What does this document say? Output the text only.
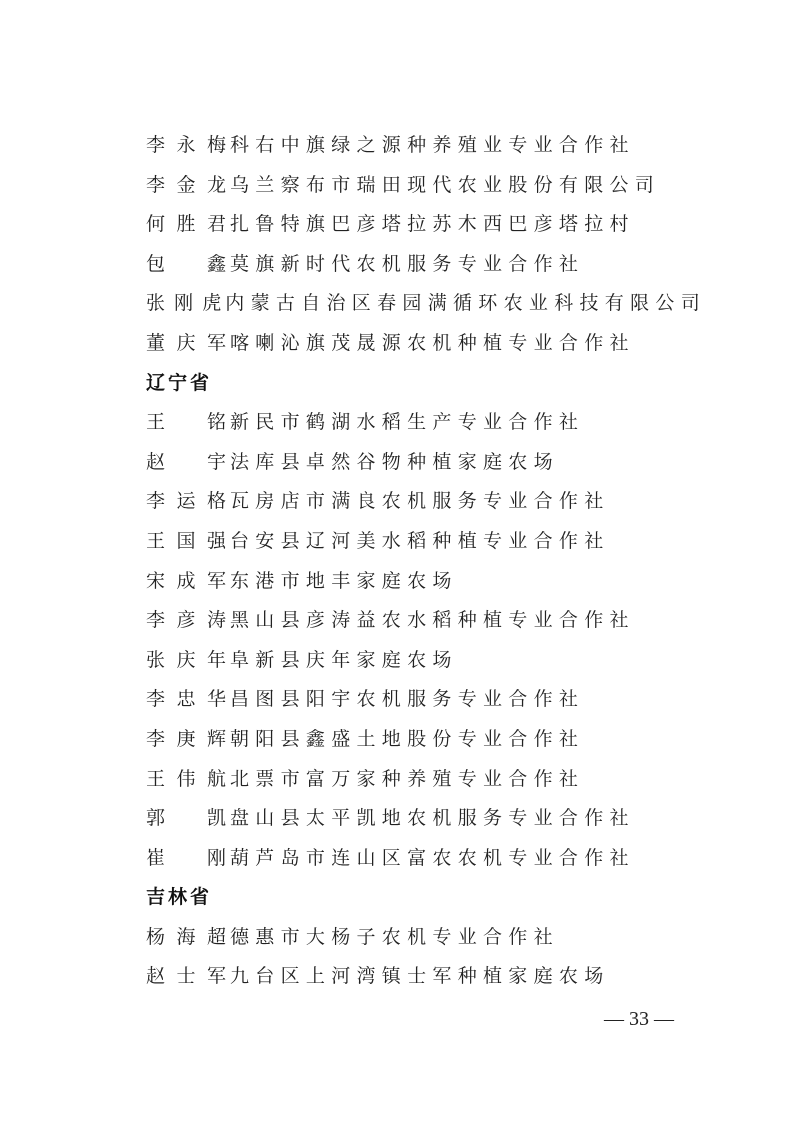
李永梅 科右中旗绿之源种养殖业专业合作社
李金龙 乌兰察布市瑞田现代农业股份有限公司
何胜君 扎鲁特旗巴彦塔拉苏木西巴彦塔拉村
包　鑫 莫旗新时代农机服务专业合作社
张刚虎 内蒙古自治区春园满循环农业科技有限公司
董庆军 喀喇沁旗茂晟源农机种植专业合作社
辽宁省
王　铭 新民市鹤湖水稻生产专业合作社
赵　宇 法库县卓然谷物种植家庭农场
李运格 瓦房店市满良农机服务专业合作社
王国强 台安县辽河美水稻种植专业合作社
宋成军 东港市地丰家庭农场
李彦涛 黑山县彦涛益农水稻种植专业合作社
张庆年 阜新县庆年家庭农场
李忠华 昌图县阳宇农机服务专业合作社
李庚辉 朝阳县鑫盛土地股份专业合作社
王伟航 北票市富万家种养殖专业合作社
郭　凯 盘山县太平凯地农机服务专业合作社
崔　刚 葫芦岛市连山区富农农机专业合作社
吉林省
杨海超 德惠市大杨子农机专业合作社
赵士军 九台区上河湾镇士军种植家庭农场
— 33 —
